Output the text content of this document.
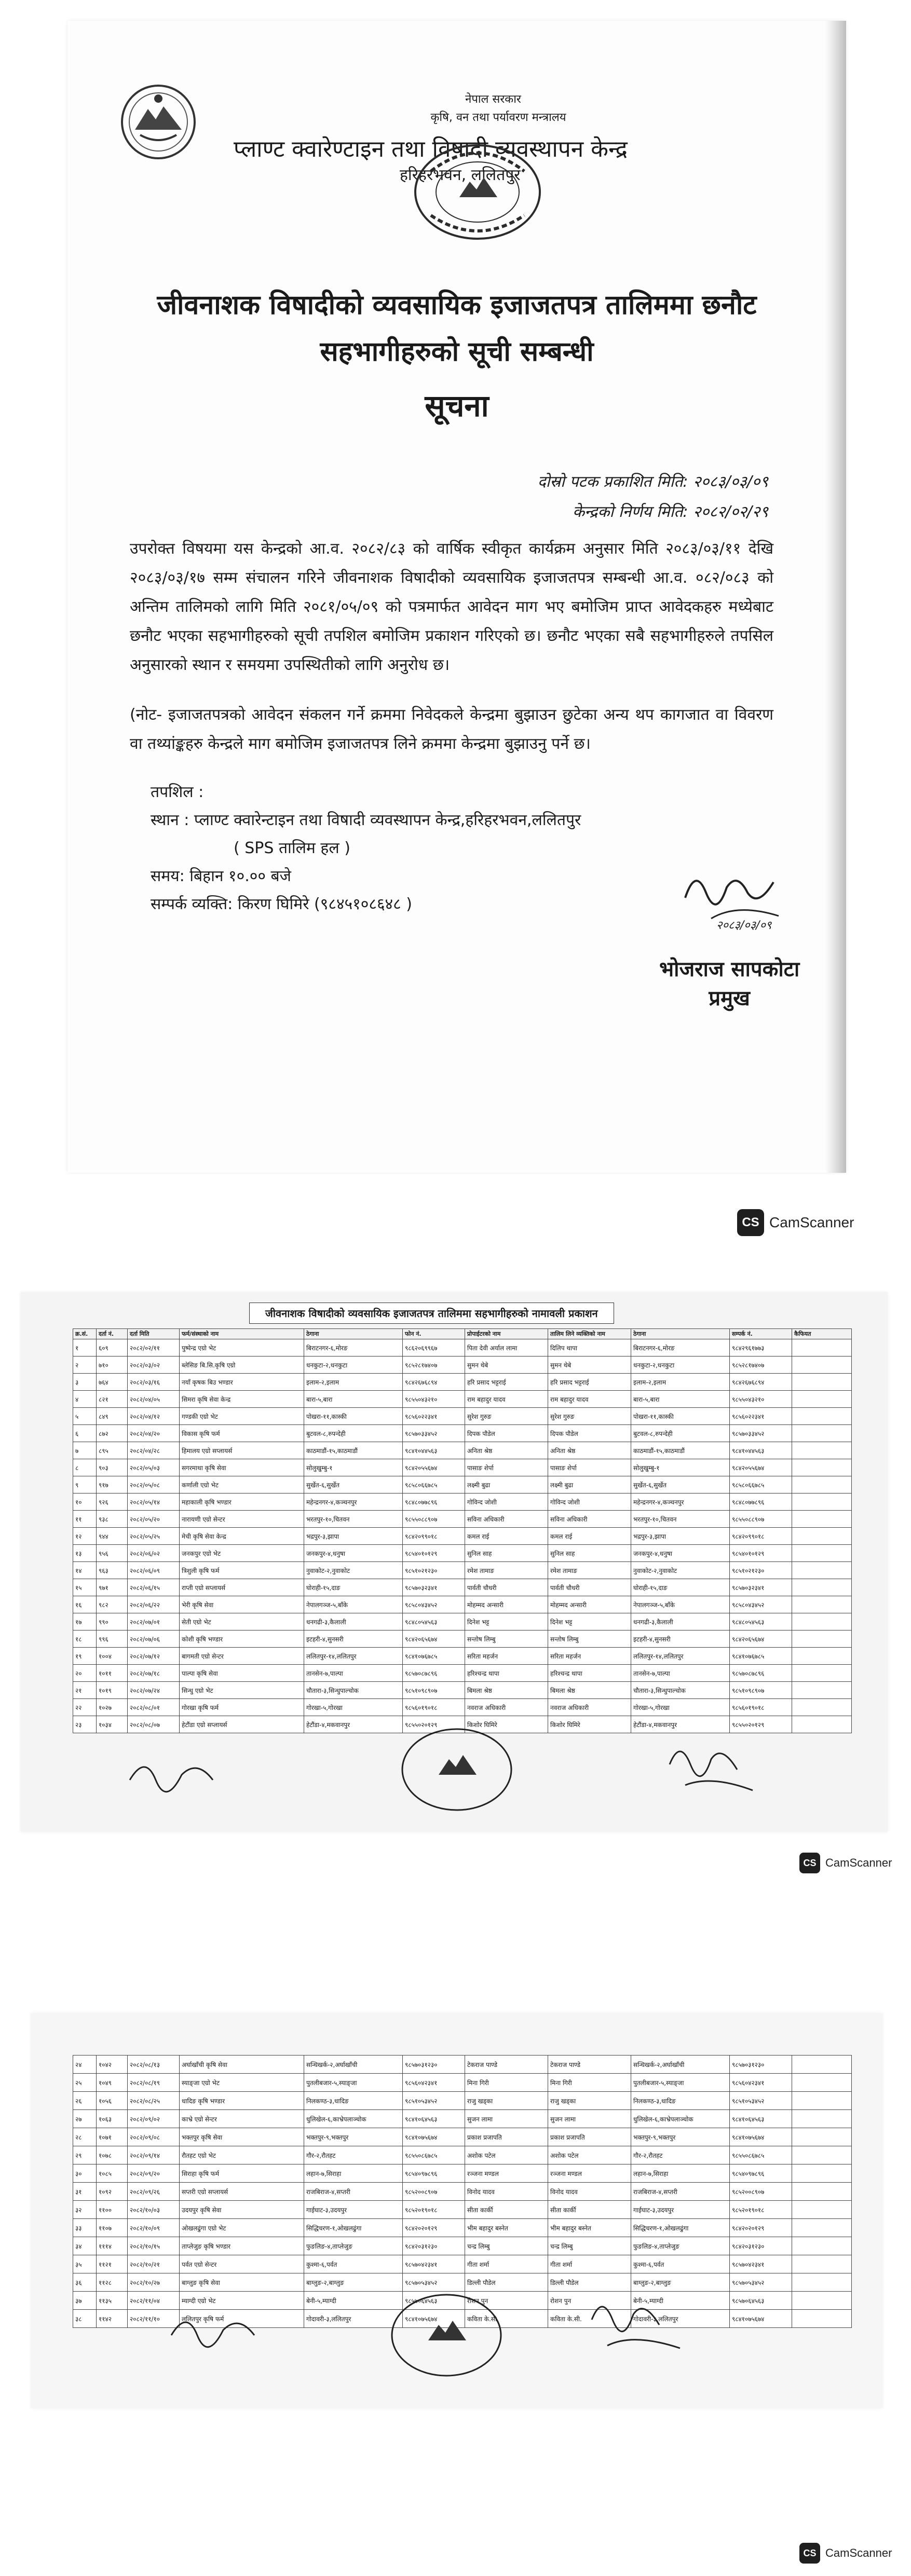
नेपाल सरकार
कृषि, वन तथा पर्यावरण मन्त्रालय
प्लाण्ट क्वारेण्टाइन तथा विषादी व्यवस्थापन केन्द्र
हरिहरभवन, ललितपुर
जीवनाशक विषादीको व्यवसायिक इजाजतपत्र तालिममा छनौट
सहभागीहरुको सूची सम्बन्धी
सूचना
दोस्रो पटक प्रकाशित मिति: २०८३/०३/०९
केन्द्रको निर्णय मिति: २०८२/०२/२९
उपरोक्त विषयमा यस केन्द्रको आ.व. २०८२/८३ को वार्षिक स्वीकृत कार्यक्रम अनुसार मिति २०८३/०३/११ देखि २०८३/०३/१७ सम्म संचालन गरिने जीवनाशक विषादीको व्यवसायिक इजाजतपत्र सम्बन्धी आ.व. ०८२/०८३ को अन्तिम तालिमको लागि मिति २०८१/०५/०९ को पत्रमार्फत आवेदन माग भए बमोजिम प्राप्त आवेदकहरु मध्येबाट छनौट भएका सहभागीहरुको सूची तपशिल बमोजिम प्रकाशन गरिएको छ। छनौट भएका सबै सहभागीहरुले तपसिल अनुसारको स्थान र समयमा उपस्थितीको लागि अनुरोध छ।
(नोट- इजाजतपत्रको आवेदन संकलन गर्ने क्रममा निवेदकले केन्द्रमा बुझाउन छुटेका अन्य थप कागजात वा विवरण वा तथ्यांङ्कहरु केन्द्रले माग बमोजिम इजाजतपत्र लिने क्रममा केन्द्रमा बुझाउनु पर्ने छ।
तपशिल :
स्थान : प्लाण्ट क्वारेन्टाइन तथा विषादी व्यवस्थापन केन्द्र,हरिहरभवन,ललितपुर
( SPS तालिम हल )
समय: बिहान १०.०० बजे
सम्पर्क व्यक्ति: किरण घिमिरे (९८४५१०८६४८ )
२०८३/०३/०९
भोजराज सापकोटा
प्रमुख
CS CamScanner
जीवनाशक विषादीको व्यवसायिक इजाजतपत्र तालिममा सहभागीहरुको नामावली प्रकाशन
क्र.सं.	दर्ता नं.	दर्ता मिति	फर्म/संस्थाको नाम	ठेगाना	फोन नं.	प्रोपाईटरको नाम	तालिम लिने व्यक्तिको नाम	ठेगाना	सम्पर्क नं.	कैफियत
१	६०९	२०८२/०२/११	पुष्पेन्द्र एग्रो भेट	बिराटनगर-६,मोरङ	९८६२०६९९६७	पिता देवी अर्याल लामा	दिलिप थापा	बिराटनगर-६,मोरङ	९८४२९६१७७३	
२	७१०	२०८२/०३/०२	ब्लेसिङ बि.सि.कृषि एग्रो	धनकुटा-२,धनकुटा	९८५२८१७४०७	सुमन थेबे	सुमन थेबे	धनकुटा-२,धनकुटा	९८५२८१७४०७	
३	७६४	२०८२/०३/१६	नयाँ कृषक बिउ भण्डार	इलाम-२,इलाम	९८४२६७६८९४	हरि प्रसाद भट्टराई	हरि प्रसाद भट्टराई	इलाम-२,इलाम	९८४२६७६८९४	
४	८२१	२०८२/०४/०५	सिमरा कृषि सेवा केन्द्र	बारा-५,बारा	९८५५०४३२१०	राम बहादुर यादव	राम बहादुर यादव	बारा-५,बारा	९८५५०४३२१०	
५	८४९	२०८२/०४/१२	गण्डकी एग्रो भेट	पोखरा-११,कास्की	९८५६०२२३४१	सुरेश गुरुङ	सुरेश गुरुङ	पोखरा-११,कास्की	९८५६०२२३४१	
६	८७२	२०८२/०४/२०	विकास कृषि फर्म	बुटवल-८,रुपन्देही	९८५७०३३४५२	दिपक पौडेल	दिपक पौडेल	बुटवल-८,रुपन्देही	९८५७०३३४५२	
७	८९५	२०८२/०४/२८	हिमालय एग्रो सप्लायर्स	काठमाडौं-१५,काठमाडौं	९८४१०४४५६३	अनिता श्रेष्ठ	अनिता श्रेष्ठ	काठमाडौं-१५,काठमाडौं	९८४१०४४५६३	
८	९०३	२०८२/०५/०३	सगरमाथा कृषि सेवा	सोलुखुम्बु-१	९८४२०५५६७४	पासाङ शेर्पा	पासाङ शेर्पा	सोलुखुम्बु-१	९८४२०५५६७४	
९	९१७	२०८२/०५/०८	कर्णाली एग्रो भेट	सुर्खेत-६,सुर्खेत	९८५८०६६७८५	लक्ष्मी बुढा	लक्ष्मी बुढा	सुर्खेत-६,सुर्खेत	९८५८०६६७८५	
१०	९२६	२०८२/०५/१४	महाकाली कृषि भण्डार	महेन्द्रनगर-४,कञ्चनपुर	९८४८०७७८९६	गोविन्द जोशी	गोविन्द जोशी	महेन्द्रनगर-४,कञ्चनपुर	९८४८०७७८९६	
११	९३८	२०८२/०५/२०	नारायणी एग्रो सेन्टर	भरतपुर-१०,चितवन	९८५५०८८९०७	सविना अधिकारी	सविना अधिकारी	भरतपुर-१०,चितवन	९८५५०८८९०७	
१२	९४४	२०८२/०५/२५	मेची कृषि सेवा केन्द्र	भद्रपुर-३,झापा	९८४२०९९०१८	कमल राई	कमल राई	भद्रपुर-३,झापा	९८४२०९९०१८	
१३	९५६	२०८२/०६/०२	जनकपुर एग्रो भेट	जनकपुर-४,धनुषा	९८५४०१०१२९	सुनिल साह	सुनिल साह	जनकपुर-४,धनुषा	९८५४०१०१२९	
१४	९६३	२०८२/०६/०९	त्रिशुली कृषि फर्म	नुवाकोट-२,नुवाकोट	९८५१०२१२३०	रमेश तामाङ	रमेश तामाङ	नुवाकोट-२,नुवाकोट	९८५१०२१२३०	
१५	९७१	२०८२/०६/१५	राप्ती एग्रो सप्लायर्स	घोराही-१५,दाङ	९८५७०३२३४१	पार्वती चौधरी	पार्वती चौधरी	घोराही-१५,दाङ	९८५७०३२३४१	
१६	९८२	२०८२/०६/२२	भेरी कृषि सेवा	नेपालगञ्ज-५,बाँके	९८५८०४३४५२	मोहम्मद अन्सारी	मोहम्मद अन्सारी	नेपालगञ्ज-५,बाँके	९८५८०४३४५२	
१७	९९०	२०८२/०७/०१	सेती एग्रो भेट	धनगढी-३,कैलाली	९८४८०५४५६३	दिनेश भट्ट	दिनेश भट्ट	धनगढी-३,कैलाली	९८४८०५४५६३	
१८	९९६	२०८२/०७/०६	कोशी कृषि भण्डार	इटहरी-४,सुनसरी	९८४२०६५६७४	सन्तोष लिम्बु	सन्तोष लिम्बु	इटहरी-४,सुनसरी	९८४२०६५६७४	
१९	१००४	२०८२/०७/१२	बागमती एग्रो सेन्टर	ललितपुर-१४,ललितपुर	९८४१०७६७८५	सरिता महर्जन	सरिता महर्जन	ललितपुर-१४,ललितपुर	९८४१०७६७८५	
२०	१०११	२०८२/०७/१८	पाल्पा कृषि सेवा	तानसेन-७,पाल्पा	९८५७०८७८९६	हरिश्चन्द्र थापा	हरिश्चन्द्र थापा	तानसेन-७,पाल्पा	९८५७०८७८९६	
२१	१०१९	२०८२/०७/२४	सिन्धु एग्रो भेट	चौतारा-३,सिन्धुपाल्चोक	९८५१०९८९०७	बिमला श्रेष्ठ	बिमला श्रेष्ठ	चौतारा-३,सिन्धुपाल्चोक	९८५१०९८९०७	
२२	१०२७	२०८२/०८/०१	गोरखा कृषि फर्म	गोरखा-५,गोरखा	९८५६०१९०१८	नवराज अधिकारी	नवराज अधिकारी	गोरखा-५,गोरखा	९८५६०१९०१८	
२३	१०३४	२०८२/०८/०७	हेटौंडा एग्रो सप्लायर्स	हेटौंडा-४,मकवानपुर	९८५५०२०१२९	किशोर घिमिरे	किशोर घिमिरे	हेटौंडा-४,मकवानपुर	९८५५०२०१२९	
CS CamScanner
२४	१०४२	२०८२/०८/१३	अर्घाखाँची कृषि सेवा	सन्धिखर्क-२,अर्घाखाँची	९८५७०३१२३०	टेकराज पाण्डे	टेकराज पाण्डे	सन्धिखर्क-२,अर्घाखाँची	९८५७०३१२३०	
२५	१०४९	२०८२/०८/१९	स्याङ्जा एग्रो भेट	पुतलीबजार-५,स्याङ्जा	९८५६०४२३४१	मिना गिरी	मिना गिरी	पुतलीबजार-५,स्याङ्जा	९८५६०४२३४१	
२६	१०५६	२०८२/०८/२५	धादिङ कृषि भण्डार	निलकण्ठ-३,धादिङ	९८५१०५३४५२	राजु खड्का	राजु खड्का	निलकण्ठ-३,धादिङ	९८५१०५३४५२	
२७	१०६३	२०८२/०९/०२	काभ्रे एग्रो सेन्टर	धुलिखेल-६,काभ्रेपलाञ्चोक	९८४१०६४५६३	सुजन लामा	सुजन लामा	धुलिखेल-६,काभ्रेपलाञ्चोक	९८४१०६४५६३	
२८	१०७१	२०८२/०९/०८	भक्तपुर कृषि सेवा	भक्तपुर-९,भक्तपुर	९८४१०७५६७४	प्रकाश प्रजापति	प्रकाश प्रजापति	भक्तपुर-९,भक्तपुर	९८४१०७५६७४	
२९	१०७८	२०८२/०९/१४	रौतहट एग्रो भेट	गौर-२,रौतहट	९८५५०८६७८५	अशोक पटेल	अशोक पटेल	गौर-२,रौतहट	९८५५०८६७८५	
३०	१०८५	२०८२/०९/२०	सिराहा कृषि फर्म	लहान-७,सिराहा	९८५४०९७८९६	रञ्जना मण्डल	रञ्जना मण्डल	लहान-७,सिराहा	९८५४०९७८९६	
३१	१०९२	२०८२/०९/२६	सप्तरी एग्रो सप्लायर्स	राजबिराज-४,सप्तरी	९८५२००८९०७	विनोद यादव	विनोद यादव	राजबिराज-४,सप्तरी	९८५२००८९०७	
३२	११००	२०८२/१०/०३	उदयपुर कृषि सेवा	गाईघाट-३,उदयपुर	९८५२०१९०१८	सीता कार्की	सीता कार्की	गाईघाट-३,उदयपुर	९८५२०१९०१८	
३३	११०७	२०८२/१०/०९	ओखलढुंगा एग्रो भेट	सिद्धिचरण-१,ओखलढुंगा	९८४२०२०१२९	भीम बहादुर बस्नेत	भीम बहादुर बस्नेत	सिद्धिचरण-१,ओखलढुंगा	९८४२०२०१२९	
३४	१११४	२०८२/१०/१५	ताप्लेजुङ कृषि भण्डार	फुङलिङ-४,ताप्लेजुङ	९८४२०३१२३०	चन्द्र लिम्बु	चन्द्र लिम्बु	फुङलिङ-४,ताप्लेजुङ	९८४२०३१२३०	
३५	११२१	२०८२/१०/२१	पर्वत एग्रो सेन्टर	कुश्मा-६,पर्वत	९८५७०४२३४१	गीता शर्मा	गीता शर्मा	कुश्मा-६,पर्वत	९८५७०४२३४१	
३६	११२८	२०८२/१०/२७	बाग्लुङ कृषि सेवा	बाग्लुङ-२,बाग्लुङ	९८५७०५३४५२	डिल्ली पौडेल	डिल्ली पौडेल	बाग्लुङ-२,बाग्लुङ	९८५७०५३४५२	
३७	११३५	२०८२/११/०४	म्याग्दी एग्रो भेट	बेनी-५,म्याग्दी	९८५७०६४५६३	रोशन पुन	रोशन पुन	बेनी-५,म्याग्दी	९८५७०६४५६३	
३८	११४२	२०८२/११/१०	ललितपुर कृषि फर्म	गोदावरी-३,ललितपुर	९८४१०७५६७४	कविता के.सी.	कविता के.सी.	गोदावरी-३,ललितपुर	९८४१०७५६७४	
CS CamScanner
